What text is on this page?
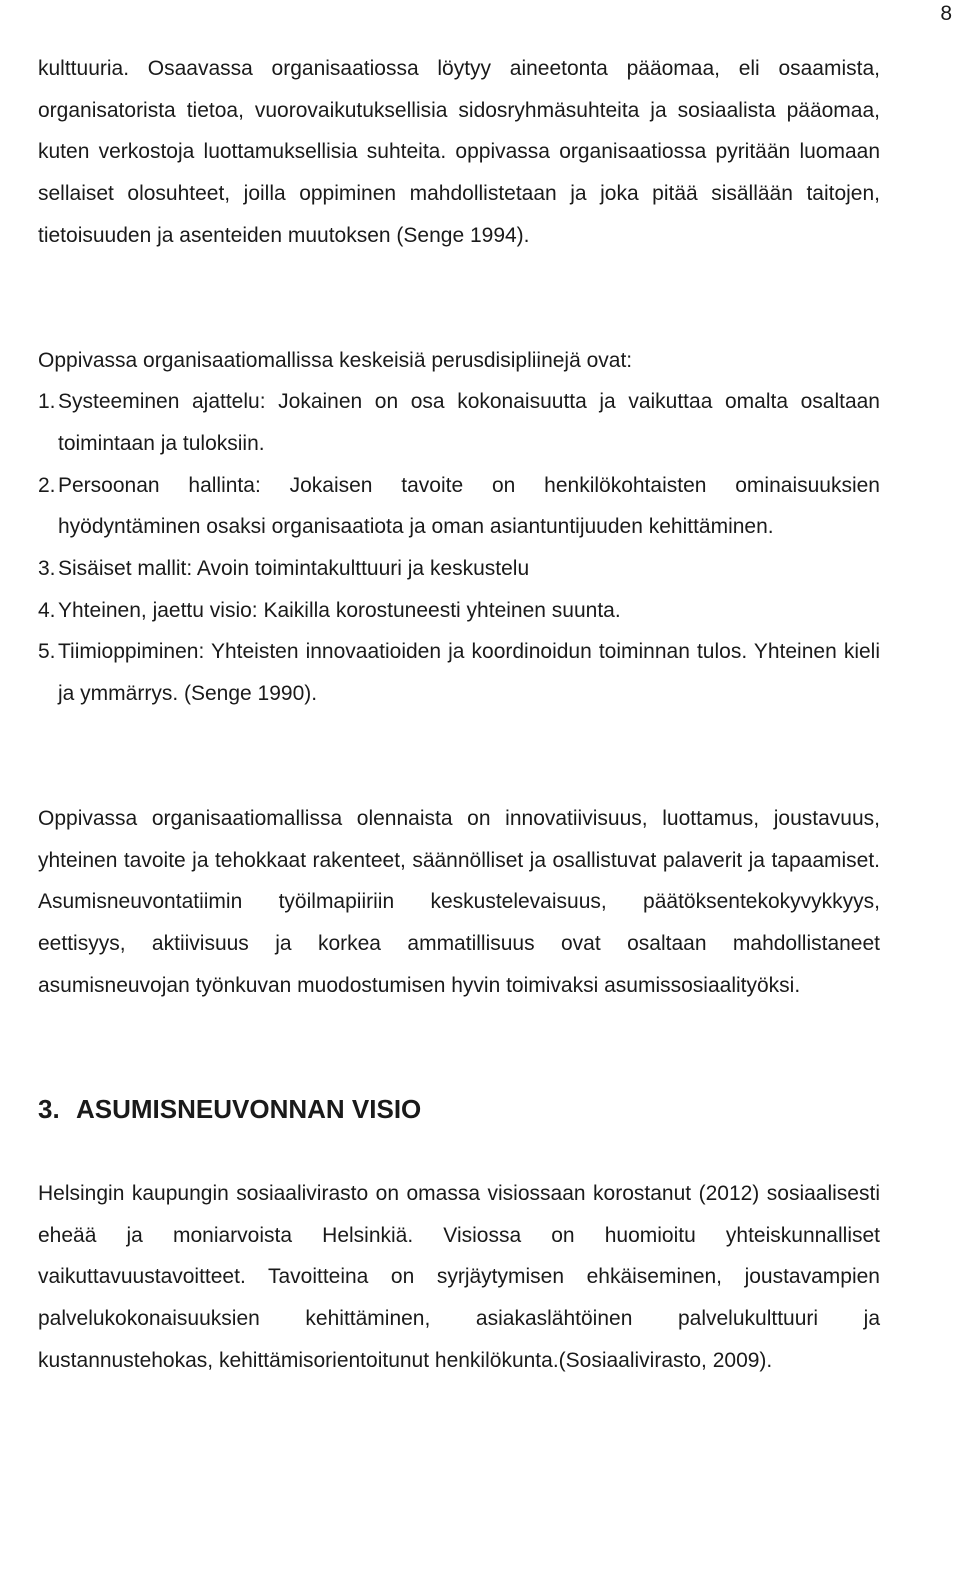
8

kulttuuria. Osaavassa organisaatiossa löytyy aineetonta pääomaa, eli osaamista, organisatorista tietoa, vuorovaikutuksellisia sidosryhmäsuhteita ja sosiaalista pääomaa, kuten verkostoja luottamuksellisia suhteita. oppivassa organisaatiossa pyritään luomaan sellaiset olosuhteet, joilla oppiminen mahdollistetaan ja joka pitää sisällään taitojen, tietoisuuden ja asenteiden muutoksen (Senge 1994).

Oppivassa organisaatiomallissa keskeisiä perusdisipliinejä ovat:

1. Systeeminen ajattelu: Jokainen on osa kokonaisuutta ja vaikuttaa omalta osaltaan toimintaan ja tuloksiin.
2. Persoonan hallinta: Jokaisen tavoite on henkilökohtaisten ominaisuuksien hyödyntäminen osaksi organisaatiota ja oman asiantuntijuuden kehittäminen.
3. Sisäiset mallit: Avoin toimintakulttuuri ja keskustelu
4. Yhteinen, jaettu visio: Kaikilla korostuneesti yhteinen suunta.
5. Tiimioppiminen: Yhteisten innovaatioiden ja koordinoidun toiminnan tulos. Yhteinen kieli ja ymmärrys. (Senge 1990).

Oppivassa organisaatiomallissa olennaista on innovatiivisuus, luottamus, joustavuus, yhteinen tavoite ja tehokkaat rakenteet, säännölliset ja osallistuvat palaverit ja tapaamiset. Asumisneuvontatiimin työilmapiiriin keskustelevaisuus, päätöksentekokyvykkyys, eettisyys, aktiivisuus ja korkea ammatillisuus ovat osaltaan mahdollistaneet asumisneuvojan työnkuvan muodostumisen hyvin toimivaksi asumissosiaalityöksi.

3. ASUMISNEUVONNAN VISIO

Helsingin kaupungin sosiaalivirasto on omassa visiossaan korostanut (2012) sosiaalisesti eheää ja moniarvoista Helsinkiä. Visiossa on huomioitu yhteiskunnalliset vaikuttavuustavoitteet. Tavoitteina on syrjäytymisen ehkäiseminen, joustavampien palvelukokonaisuuksien kehittäminen, asiakaslähtöinen palvelukulttuuri ja kustannustehokas, kehittämisorientoitunut henkilökunta.(Sosiaalivirasto, 2009).
